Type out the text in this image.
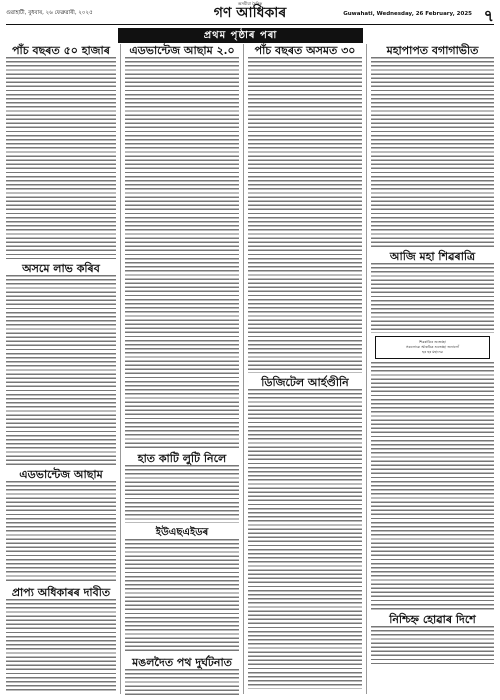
গুৱাহাটী, বুধবাৰ, ২৬ ফেব্ৰুৱাৰী, ২০২৫	Guwahati, Wednesday, 26 February, 2025
অসমীয়া দৈনিক
গণ আধিকাৰ	৭
প্ৰথম পৃষ্ঠাৰ পৰা
পাঁচ বছৰত ৫০ হাজাৰ
অসমে লাভ কৰিব
এডভান্টেজ আছাম
প্ৰাপ্য অধিকাৰৰ দাবীত
এডভান্টেজ আছাম ২.০
হাত কাটি লুটি নিলে
ইউএছএইডৰ
মঙলদৈত পথ দুৰ্ঘটনাত
পাঁচ বছৰত অসমত ৩০
ডিজিটেল আৰ্হণ্ডীনি
মহাপাপত বগাগাভীত
আজি মহা শিৱৰাত্ৰি
শিৱৰাত্ৰিৰ শুভেচ্ছা
সকলোকে আন্তৰিক শুভেচ্ছা জনালোঁ
হৰ হৰ মহাদেৱ
নিশ্চিহ্ন হোৱাৰ দিশে
